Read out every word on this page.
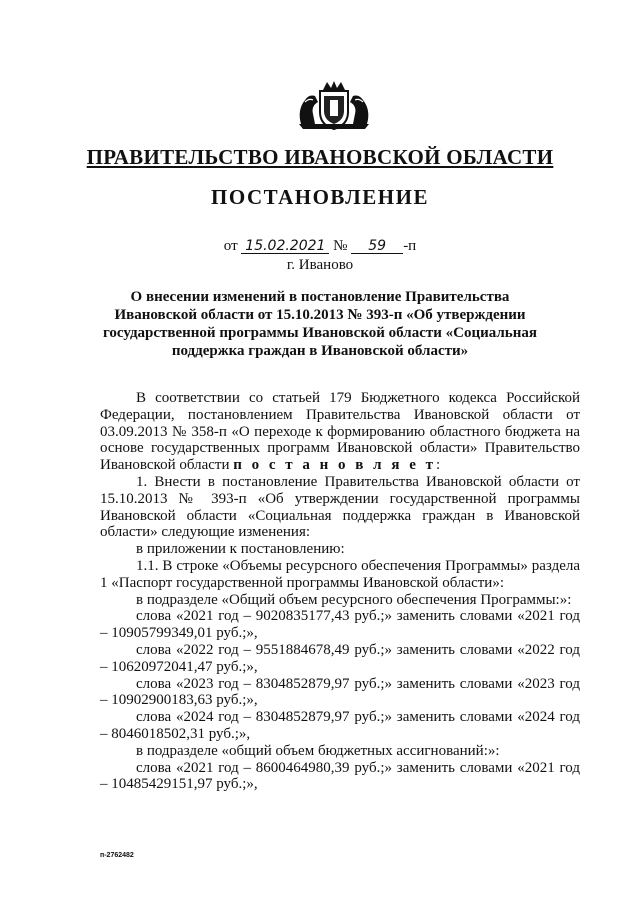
ПРАВИТЕЛЬСТВО ИВАНОВСКОЙ ОБЛАСТИ
ПОСТАНОВЛЕНИЕ
от 15.02.2021 № 59 -п
г. Иваново
О внесении изменений в постановление Правительства
Ивановской области от 15.10.2013 № 393-п «Об утверждении
государственной программы Ивановской области «Социальная
поддержка граждан в Ивановской области»

В соответствии со статьей 179 Бюджетного кодекса Российской Федерации, постановлением Правительства Ивановской области от 03.09.2013 № 358-п «О переходе к формированию областного бюджета на основе государственных программ Ивановской области» Правительство Ивановской области п о с т а н о в л я е т:

1. Внести в постановление Правительства Ивановской области от 15.10.2013 № 393-п «Об утверждении государственной программы Ивановской области «Социальная поддержка граждан в Ивановской области» следующие изменения:

в приложении к постановлению:

1.1. В строке «Объемы ресурсного обеспечения Программы» раздела 1 «Паспорт государственной программы Ивановской области»:

в подразделе «Общий объем ресурсного обеспечения Программы:»:

слова «2021 год – 9020835177,43 руб.;» заменить словами «2021 год – 10905799349,01 руб.;»,

слова «2022 год – 9551884678,49 руб.;» заменить словами «2022 год – 10620972041,47 руб.;»,

слова «2023 год – 8304852879,97 руб.;» заменить словами «2023 год – 10902900183,63 руб.;»,

слова «2024 год – 8304852879,97 руб.;» заменить словами «2024 год – 8046018502,31 руб.;»,

в подразделе «общий объем бюджетных ассигнований:»:

слова «2021 год – 8600464980,39 руб.;» заменить словами «2021 год – 10485429151,97 руб.;»,

п-2762482
